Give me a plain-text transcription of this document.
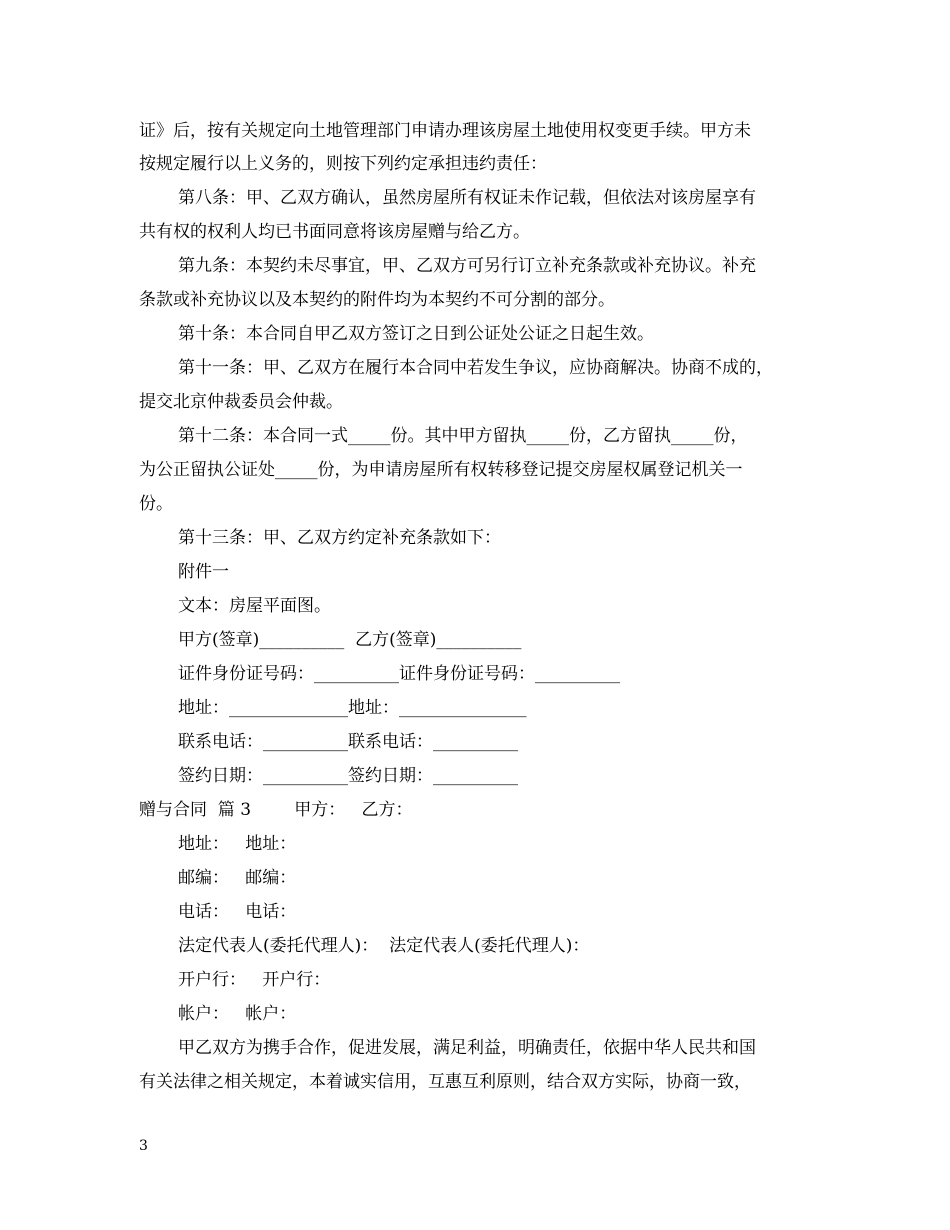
证》后，按有关规定向土地管理部门申请办理该房屋土地使用权变更手续。甲方未
按规定履行以上义务的，则按下列约定承担违约责任：
第八条：甲、乙双方确认，虽然房屋所有权证未作记载，但依法对该房屋享有
共有权的权利人均已书面同意将该房屋赠与给乙方。
第九条：本契约未尽事宜，甲、乙双方可另行订立补充条款或补充协议。补充
条款或补充协议以及本契约的附件均为本契约不可分割的部分。
第十条：本合同自甲乙双方签订之日到公证处公证之日起生效。
第十一条：甲、乙双方在履行本合同中若发生争议，应协商解决。协商不成的，
提交北京仲裁委员会仲裁。
第十二条：本合同一式_____份。其中甲方留执_____份，乙方留执_____份，
为公正留执公证处_____份，为申请房屋所有权转移登记提交房屋权属登记机关一
份。
第十三条：甲、乙双方约定补充条款如下：
附件一
文本：房屋平面图。
甲方(签章)__________  乙方(签章)__________
证件身份证号码：__________证件身份证号码：__________
地址：______________地址：_______________
联系电话：__________联系电话：__________
签约日期：__________签约日期：__________
赠与合同  篇 3        甲方：   乙方：
地址：   地址：
邮编：   邮编：
电话：   电话：
法定代表人(委托代理人)：  法定代表人(委托代理人)：
开户行：   开户行：
帐户：   帐户：
甲乙双方为携手合作，促进发展，满足利益，明确责任，依据中华人民共和国
有关法律之相关规定，本着诚实信用，互惠互利原则，结合双方实际，协商一致，
3
